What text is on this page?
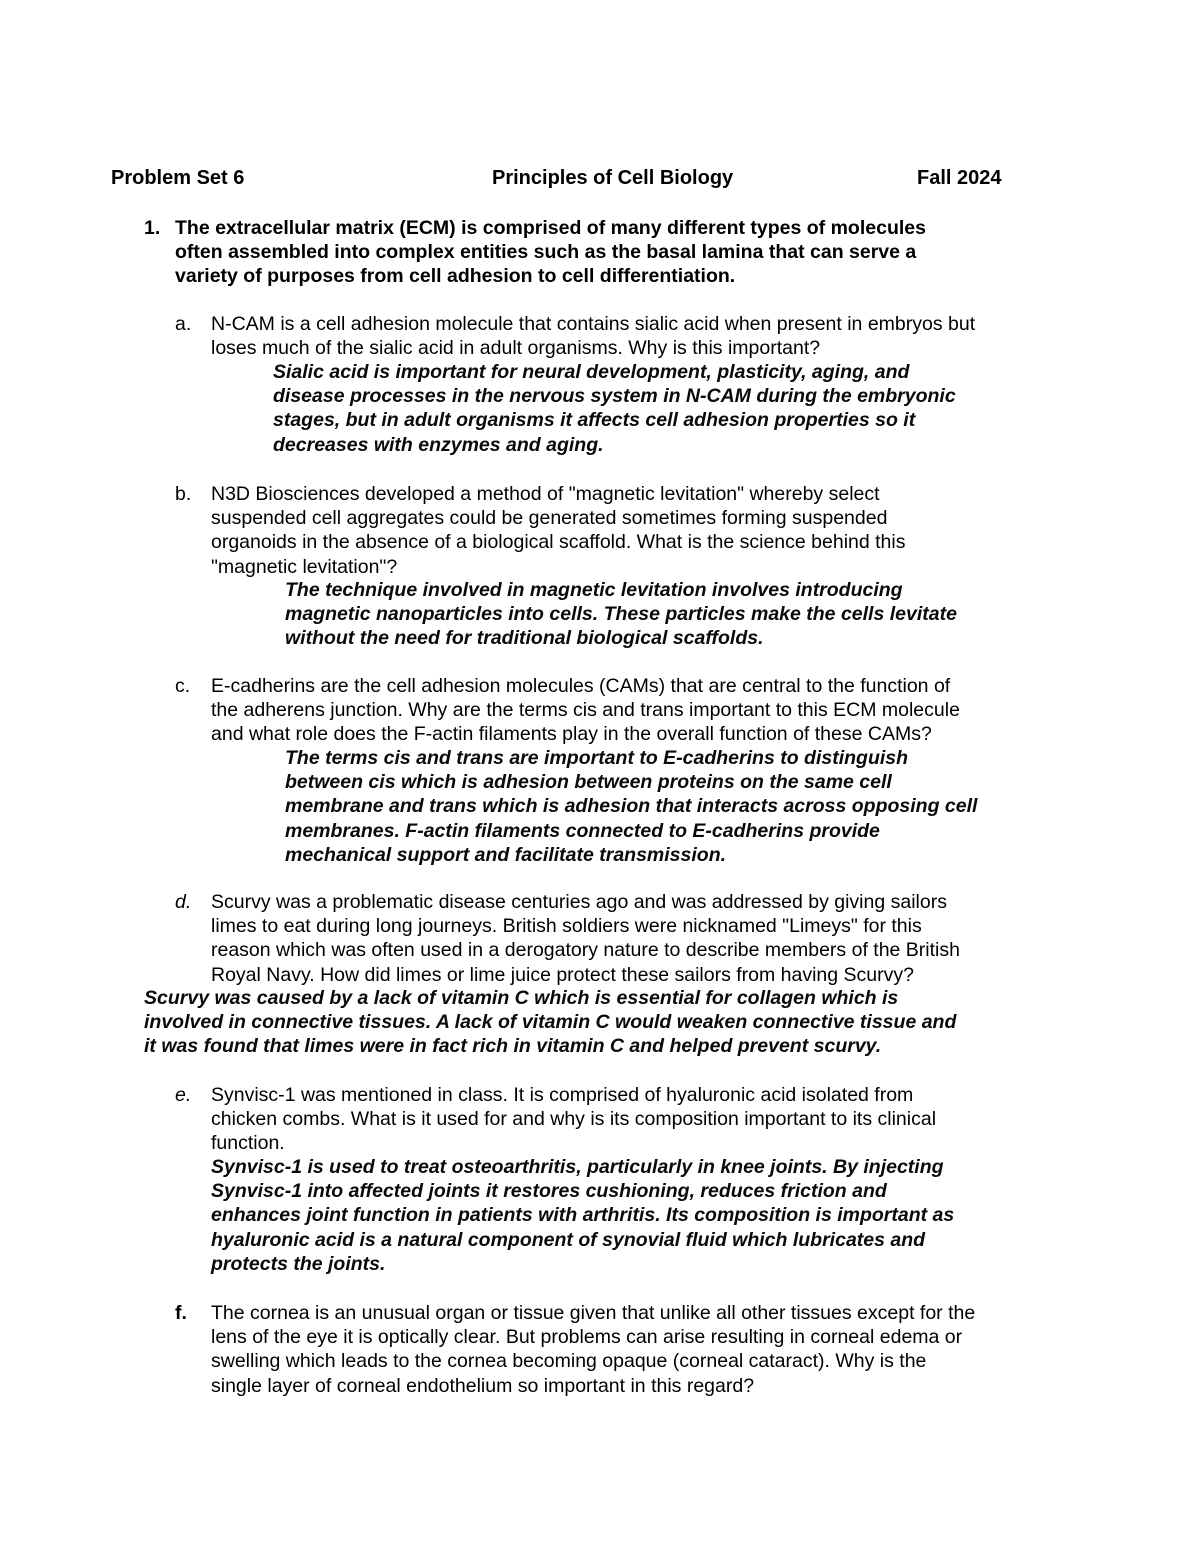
Problem Set 6	Principles of Cell Biology	Fall 2024
1. The extracellular matrix (ECM) is comprised of many different types of molecules
often assembled into complex entities such as the basal lamina that can serve a
variety of purposes from cell adhesion to cell differentiation.
a. N-CAM is a cell adhesion molecule that contains sialic acid when present in embryos but
loses much of the sialic acid in adult organisms. Why is this important?
Sialic acid is important for neural development, plasticity, aging, and
disease processes in the nervous system in N-CAM during the embryonic
stages, but in adult organisms it affects cell adhesion properties so it
decreases with enzymes and aging.
b. N3D Biosciences developed a method of "magnetic levitation" whereby select
suspended cell aggregates could be generated sometimes forming suspended
organoids in the absence of a biological scaffold. What is the science behind this
"magnetic levitation"?
The technique involved in magnetic levitation involves introducing
magnetic nanoparticles into cells. These particles make the cells levitate
without the need for traditional biological scaffolds.
c. E-cadherins are the cell adhesion molecules (CAMs) that are central to the function of
the adherens junction. Why are the terms cis and trans important to this ECM molecule
and what role does the F-actin filaments play in the overall function of these CAMs?
The terms cis and trans are important to E-cadherins to distinguish
between cis which is adhesion between proteins on the same cell
membrane and trans which is adhesion that interacts across opposing cell
membranes. F-actin filaments connected to E-cadherins provide
mechanical support and facilitate transmission.
d. Scurvy was a problematic disease centuries ago and was addressed by giving sailors
limes to eat during long journeys. British soldiers were nicknamed "Limeys" for this
reason which was often used in a derogatory nature to describe members of the British
Royal Navy. How did limes or lime juice protect these sailors from having Scurvy?
Scurvy was caused by a lack of vitamin C which is essential for collagen which is
involved in connective tissues. A lack of vitamin C would weaken connective tissue and
it was found that limes were in fact rich in vitamin C and helped prevent scurvy.
e. Synvisc-1 was mentioned in class. It is comprised of hyaluronic acid isolated from
chicken combs. What is it used for and why is its composition important to its clinical
function.
Synvisc-1 is used to treat osteoarthritis, particularly in knee joints. By injecting
Synvisc-1 into affected joints it restores cushioning, reduces friction and
enhances joint function in patients with arthritis. Its composition is important as
hyaluronic acid is a natural component of synovial fluid which lubricates and
protects the joints.
f. The cornea is an unusual organ or tissue given that unlike all other tissues except for the
lens of the eye it is optically clear. But problems can arise resulting in corneal edema or
swelling which leads to the cornea becoming opaque (corneal cataract). Why is the
single layer of corneal endothelium so important in this regard?
